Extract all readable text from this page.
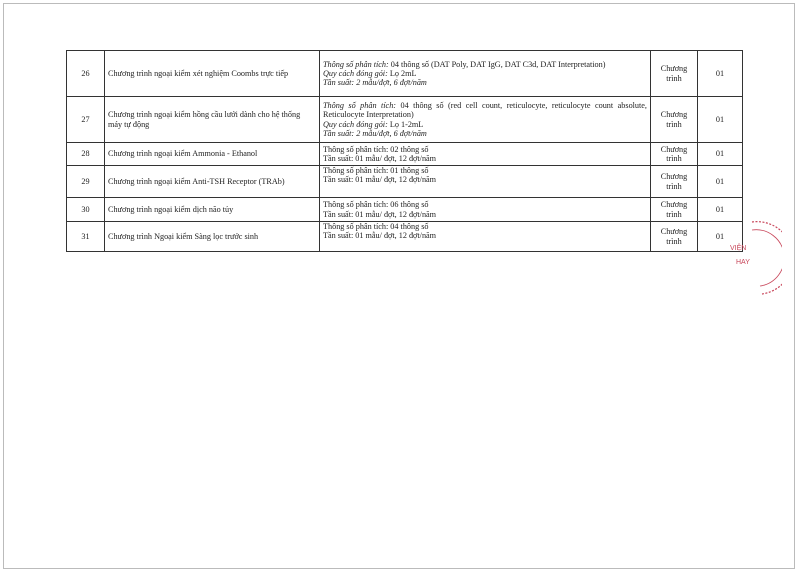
26	Chương trình ngoại kiểm xét nghiệm Coombs trực tiếp	Thông số phân tích: 04 thông số (DAT Poly, DAT IgG, DAT C3d, DAT Interpretation)
Quy cách đóng gói: Lọ 2mL
Tần suất: 2 mẫu/đợt, 6 đợt/năm	Chương trình	01
27	Chương trình ngoại kiểm hồng cầu lưới dành cho hệ thống máy tự động	Thông số phân tích: 04 thông số (red cell count, reticulocyte, reticulocyte count absolute, Reticulocyte Interpretation)
Quy cách đóng gói: Lọ 1-2mL
Tần suất: 2 mẫu/đợt, 6 đợt/năm	Chương trình	01
28	Chương trình ngoại kiểm Ammonia - Ethanol	Thông số phân tích: 02 thông số
Tần suất: 01 mẫu/ đợt, 12 đợt/năm	Chương trình	01
29	Chương trình ngoại kiểm Anti-TSH Receptor (TRAb)	Thông số phân tích: 01 thông số
Tần suất: 01 mẫu/ đợt, 12 đợt/năm	Chương trình	01
30	Chương trình ngoại kiểm dịch não tủy	Thông số phân tích: 06 thông số
Tần suất: 01 mẫu/ đợt, 12 đợt/năm	Chương trình	01
31	Chương trình Ngoại kiểm Sàng lọc trước sinh	Thông số phân tích: 04 thông số
Tần suất: 01 mẫu/ đợt, 12 đợt/năm	Chương trình	01
VIỆN
HAY
